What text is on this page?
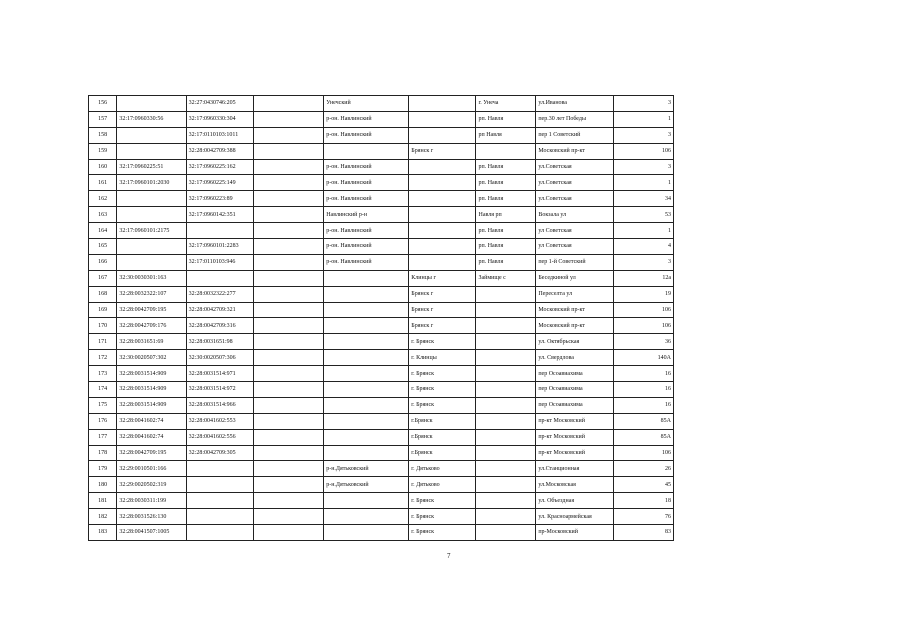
156		32:27:0430746:205		Унечский		г. Унеча	ул.Иванова	3
157	32:17:0960330:56	32:17:0960330:304		р-он. Навлинский		рп. Навля	пер.30 лет Победы	1
158		32:17:0110103:1011		р-он. Навлинский		рп Навля	пер 1 Советский	3
159		32:28:0042709:388			Брянск г		Московский пр-кт	106
160	32:17:0960225:51	32:17:0960225:162		р-он. Навлинский		рп. Навля	ул.Советская	3
161	32:17:0960101:2030	32:17:0960225:149		р-он. Навлинский		рп. Навля	ул.Советская	1
162		32:17:0960223:89		р-он. Навлинский		рп. Навля	ул.Советская	34
163		32:17:0960142:351		Навлинский р-н		Навля рп	Вокзала ул	53
164	32:17:0960101:2175			р-он. Навлинский		рп. Навля	ул Советская	1
165		32:17:0960101:2283		р-он. Навлинский		рп. Навля	ул Советская	4
166		32:17:0110103:946		р-он. Навлинский		рп. Навля	пер 1-й Советский	3
167	32:30:0030301:163				Клинцы г	Займище с	Беседкиной ул	12а
168	32:28:0032322:107	32:28:0032322:277			Брянск г		Переселта ул	19
169	32:28:0042709:195	32:28:0042709:321			Брянск г		Московский пр-кт	106
170	32:28:0042709:176	32:28:0042709:316			Брянск г		Московский пр-кт	106
171	32:28:0031651:69	32:28:0031651:98			г. Брянск		ул. Октябрьская	36
172	32:30:0020507:302	32:30:0020507:306			г. Клинцы		ул. Свердлова	140А
173	32:28:0031514:909	32:28:0031514:971			г. Брянск		пер Осоавиахима	16
174	32:28:0031514:909	32:28:0031514:972			г. Брянск		пер Осоавиахима	16
175	32:28:0031514:909	32:28:0031514:966			г. Брянск		пер Осоавиахима	16
176	32:28:0041602:74	32:28:0041602:553			г.Брянск		пр-кт Московский	85А
177	32:28:0041602:74	32:28:0041602:556			г.Брянск		пр-кт Московский	85А
178	32:28:0042709:195	32:28:0042709:305			г.Брянск		пр-кт Московский	106
179	32:29:0010501:166			р-н.Дятьковский	г. Дятьково		ул.Станционная	26
180	32:29:0020502:319			р-н.Дятьковский	г. Дятьково		ул.Московская	45
181	32:28:0030311:199				г. Брянск		ул. Объездная	18
182	32:28:0031526:130				г. Брянск		ул. Красноармейская	76
183	32:28:0041507:1005				г. Брянск		пр-Московский	83
7
